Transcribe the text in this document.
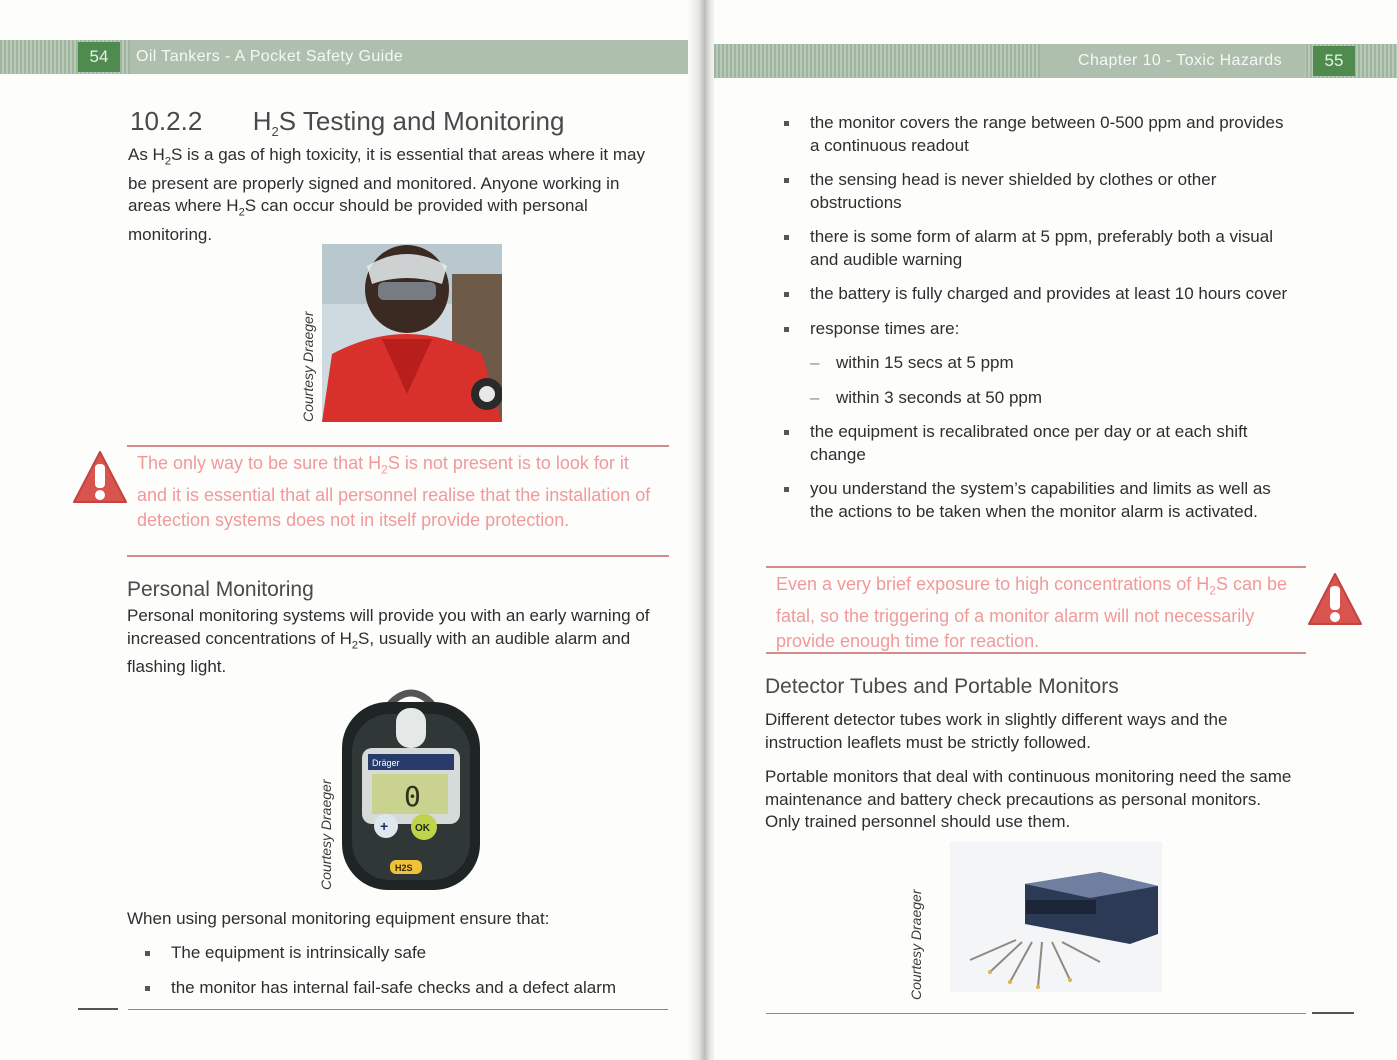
54	Oil Tankers - A Pocket Safety Guide
10.2.2 $H_2S$ Testing and Monitoring

As $H_2S$ is a gas of high toxicity, it is essential that areas where it may be present are properly signed and monitored. Anyone working in areas where $H_2S$ can occur should be provided with personal monitoring.

Courtesy Draeger
The only way to be sure that $H_2S$ is not present is to look for it and it is essential that all personnel realise that the installation of detection systems does not in itself provide protection.
Personal Monitoring

Personal monitoring systems will provide you with an early warning of increased concentrations of $H_2S$, usually with an audible alarm and flashing light.

Dräger
0
+	OK
H2S
Courtesy Draeger

When using personal monitoring equipment ensure that:

The equipment is intrinsically safe
the monitor has internal fail-safe checks and a defect alarm
Chapter 10 - Toxic Hazards	55
the monitor covers the range between 0-500 ppm and provides a continuous readout
the sensing head is never shielded by clothes or other obstructions
there is some form of alarm at 5 ppm, preferably both a visual and audible warning
the battery is fully charged and provides at least 10 hours cover
response times are:
– within 15 secs at 5 ppm
– within 3 seconds at 50 ppm
the equipment is recalibrated once per day or at each shift change
you understand the system’s capabilities and limits as well as the actions to be taken when the monitor alarm is activated.
Even a very brief exposure to high concentrations of $H_2S$ can be fatal, so the triggering of a monitor alarm will not necessarily provide enough time for reaction.
Detector Tubes and Portable Monitors

Different detector tubes work in slightly different ways and the instruction leaflets must be strictly followed.

Portable monitors that deal with continuous monitoring need the same maintenance and battery check precautions as personal monitors. Only trained personnel should use them.

Courtesy Draeger
